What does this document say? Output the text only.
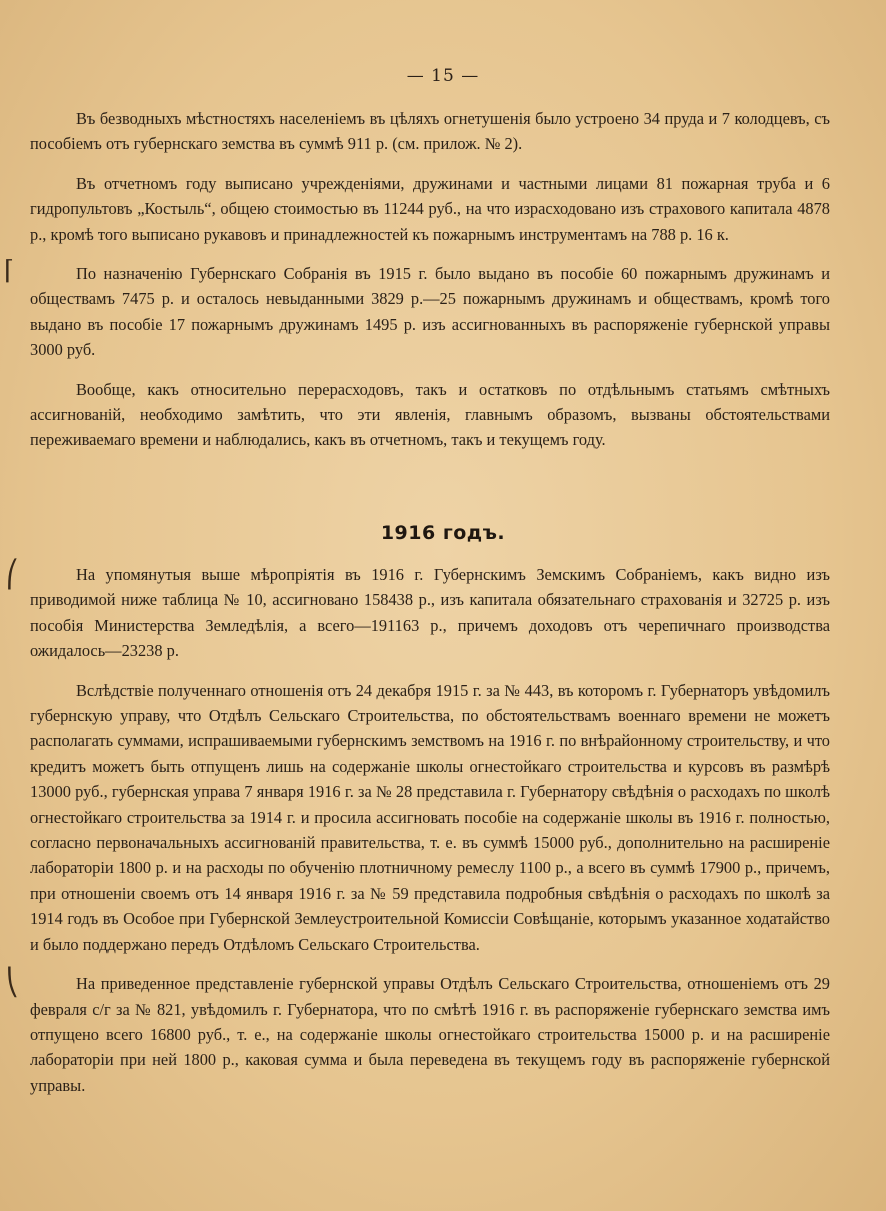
— 15 —

Въ безводныхъ мѣстностяхъ населеніемъ въ цѣляхъ огнетушенія было устроено 34 пруда и 7 колодцевъ, съ пособіемъ отъ губернскаго земства въ суммѣ 911 р. (см. прилож. № 2).

Въ отчетномъ году выписано учрежденіями, дружинами и частными лицами 81 пожарная труба и 6 гидропультовъ „Костыль“, общею стоимостью въ 11244 руб., на что израсходовано изъ страхового капитала 4878 р., кромѣ того выписано рукавовъ и принадлежностей къ пожарнымъ инструментамъ на 788 р. 16 к.

По назначенію Губернскаго Собранія въ 1915 г. было выдано въ пособіе 60 пожарнымъ дружинамъ и обществамъ 7475 р. и осталось невыданными 3829 р.—25 пожарнымъ дружинамъ и обществамъ, кромѣ того выдано въ пособіе 17 пожарнымъ дружинамъ 1495 р. изъ ассигнованныхъ въ распоряженіе губернской управы 3000 руб.

Вообще, какъ относительно перерасходовъ, такъ и остатковъ по отдѣльнымъ статьямъ смѣтныхъ ассигнованій, необходимо замѣтить, что эти явленія, главнымъ образомъ, вызваны обстоятельствами переживаемаго времени и наблюдались, какъ въ отчетномъ, такъ и текущемъ году.

1916 годъ.

На упомянутыя выше мѣропріятія въ 1916 г. Губернскимъ Земскимъ Собраніемъ, какъ видно изъ приводимой ниже таблица № 10, ассигновано 158438 р., изъ капитала обязательнаго страхованія и 32725 р. изъ пособія Министерства Земледѣлія, а всего—191163 р., причемъ доходовъ отъ черепичнаго производства ожидалось—23238 р.

Вслѣдствіе полученнаго отношенія отъ 24 декабря 1915 г. за № 443, въ которомъ г. Губернаторъ увѣдомилъ губернскую управу, что Отдѣлъ Сельскаго Строительства, по обстоятельствамъ военнаго времени не можетъ располагать суммами, испрашиваемыми губернскимъ земствомъ на 1916 г. по внѣрайонному строительству, и что кредитъ можетъ быть отпущенъ лишь на содержаніе школы огнестойкаго строительства и курсовъ въ размѣрѣ 13000 руб., губернская управа 7 января 1916 г. за № 28 представила г. Губернатору свѣдѣнія о расходахъ по школѣ огнестойкаго строительства за 1914 г. и просила ассигновать пособіе на содержаніе школы въ 1916 г. полностью, согласно первоначальныхъ ассигнованій правительства, т. е. въ суммѣ 15000 руб., дополнительно на расширеніе лабораторіи 1800 р. и на расходы по обученію плотничному ремеслу 1100 р., а всего въ суммѣ 17900 р., причемъ, при отношеніи своемъ отъ 14 января 1916 г. за № 59 представила подробныя свѣдѣнія о расходахъ по школѣ за 1914 годъ въ Особое при Губернской Землеустроительной Комиссіи Совѣщаніе, которымъ указанное ходатайство и было поддержано передъ Отдѣломъ Сельскаго Строительства.

На приведенное представленіе губернской управы Отдѣлъ Сельскаго Строительства, отношеніемъ отъ 29 февраля с/г за № 821, увѣдомилъ г. Губернатора, что по смѣтѣ 1916 г. въ распоряженіе губернскаго земства имъ отпущено всего 16800 руб., т. е., на содержаніе школы огнестойкаго строительства 15000 р. и на расширеніе лабораторіи при ней 1800 р., каковая сумма и была переведена въ текущемъ году въ распоряженіе губернской управы.

⌈
⎛
⎝
